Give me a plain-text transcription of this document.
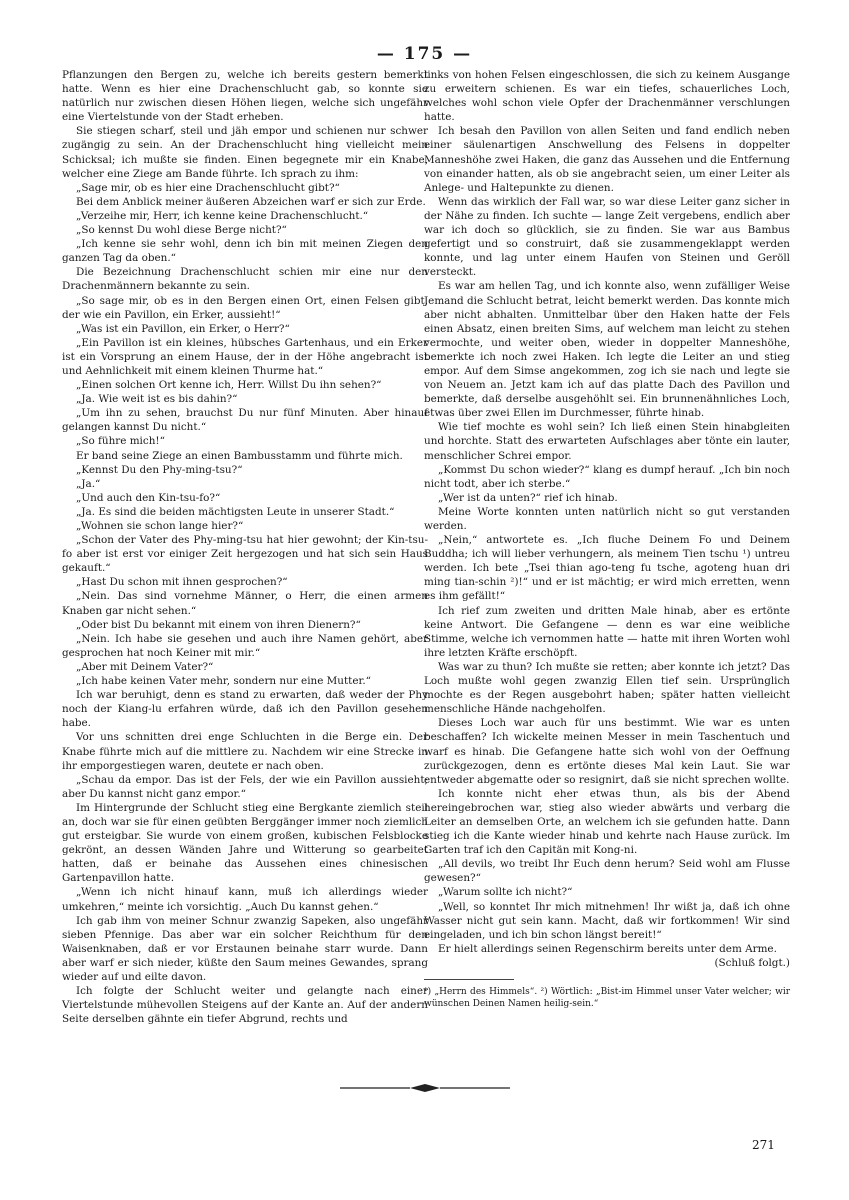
— 175 —

Pflanzungen den Bergen zu, welche ich bereits gestern bemerkt hatte. Wenn es hier eine Drachenschlucht gab, so konnte sie natürlich nur zwischen diesen Höhen liegen, welche sich ungefähr eine Viertelstunde von der Stadt erheben.

Sie stiegen scharf, steil und jäh empor und schienen nur schwer zugängig zu sein. An der Drachenschlucht hing vielleicht mein Schicksal; ich mußte sie finden. Einen begegnete mir ein Knabe, welcher eine Ziege am Bande führte. Ich sprach zu ihm:

„Sage mir, ob es hier eine Drachenschlucht gibt?“

Bei dem Anblick meiner äußeren Abzeichen warf er sich zur Erde.

„Verzeihe mir, Herr, ich kenne keine Drachenschlucht.“

„So kennst Du wohl diese Berge nicht?“

„Ich kenne sie sehr wohl, denn ich bin mit meinen Ziegen den ganzen Tag da oben.“

Die Bezeichnung Drachenschlucht schien mir eine nur den Drachenmännern bekannte zu sein.

„So sage mir, ob es in den Bergen einen Ort, einen Felsen gibt, der wie ein Pavillon, ein Erker, aussieht!“

„Was ist ein Pavillon, ein Erker, o Herr?“

„Ein Pavillon ist ein kleines, hübsches Gartenhaus, und ein Erker ist ein Vorsprung an einem Hause, der in der Höhe angebracht ist und Aehnlichkeit mit einem kleinen Thurme hat.“

„Einen solchen Ort kenne ich, Herr. Willst Du ihn sehen?“

„Ja. Wie weit ist es bis dahin?“

„Um ihn zu sehen, brauchst Du nur fünf Minuten. Aber hinauf gelangen kannst Du nicht.“

„So führe mich!“

Er band seine Ziege an einen Bambusstamm und führte mich.

„Kennst Du den Phy-ming-tsu?“

„Ja.“

„Und auch den Kin-tsu-fo?“

„Ja. Es sind die beiden mächtigsten Leute in unserer Stadt.“

„Wohnen sie schon lange hier?“

„Schon der Vater des Phy-ming-tsu hat hier gewohnt; der Kin-tsu-fo aber ist erst vor einiger Zeit hergezogen und hat sich sein Haus gekauft.“

„Hast Du schon mit ihnen gesprochen?“

„Nein. Das sind vornehme Männer, o Herr, die einen armen Knaben gar nicht sehen.“

„Oder bist Du bekannt mit einem von ihren Dienern?“

„Nein. Ich habe sie gesehen und auch ihre Namen gehört, aber gesprochen hat noch Keiner mit mir.“

„Aber mit Deinem Vater?“

„Ich habe keinen Vater mehr, sondern nur eine Mutter.“

Ich war beruhigt, denn es stand zu erwarten, daß weder der Phy noch der Kiang-lu erfahren würde, daß ich den Pavillon gesehen habe.

Vor uns schnitten drei enge Schluchten in die Berge ein. Der Knabe führte mich auf die mittlere zu. Nachdem wir eine Strecke in ihr emporgestiegen waren, deutete er nach oben.

„Schau da empor. Das ist der Fels, der wie ein Pavillon aussieht; aber Du kannst nicht ganz empor.“

Im Hintergrunde der Schlucht stieg eine Bergkante ziemlich steil an, doch war sie für einen geübten Berggänger immer noch ziemlich gut ersteigbar. Sie wurde von einem großen, kubischen Felsblocke gekrönt, an dessen Wänden Jahre und Witterung so gearbeitet hatten, daß er beinahe das Aussehen eines chinesischen Gartenpavillon hatte.

„Wenn ich nicht hinauf kann, muß ich allerdings wieder umkehren,“ meinte ich vorsichtig. „Auch Du kannst gehen.“

Ich gab ihm von meiner Schnur zwanzig Sapeken, also ungefähr sieben Pfennige. Das aber war ein solcher Reichthum für den Waisenknaben, daß er vor Erstaunen beinahe starr wurde. Dann aber warf er sich nieder, küßte den Saum meines Gewandes, sprang wieder auf und eilte davon.

Ich folgte der Schlucht weiter und gelangte nach einer Viertelstunde mühevollen Steigens auf der Kante an. Auf der andern Seite derselben gähnte ein tiefer Abgrund, rechts und

links von hohen Felsen eingeschlossen, die sich zu keinem Ausgange zu erweitern schienen. Es war ein tiefes, schauerliches Loch, welches wohl schon viele Opfer der Drachenmänner verschlungen hatte.

Ich besah den Pavillon von allen Seiten und fand endlich neben einer säulenartigen Anschwellung des Felsens in doppelter Manneshöhe zwei Haken, die ganz das Aussehen und die Entfernung von einander hatten, als ob sie angebracht seien, um einer Leiter als Anlege- und Haltepunkte zu dienen.

Wenn das wirklich der Fall war, so war diese Leiter ganz sicher in der Nähe zu finden. Ich suchte — lange Zeit vergebens, endlich aber war ich doch so glücklich, sie zu finden. Sie war aus Bambus gefertigt und so construirt, daß sie zusammengeklappt werden konnte, und lag unter einem Haufen von Steinen und Geröll versteckt.

Es war am hellen Tag, und ich konnte also, wenn zufälliger Weise Jemand die Schlucht betrat, leicht bemerkt werden. Das konnte mich aber nicht abhalten. Unmittelbar über den Haken hatte der Fels einen Absatz, einen breiten Sims, auf welchem man leicht zu stehen vermochte, und weiter oben, wieder in doppelter Manneshöhe, bemerkte ich noch zwei Haken. Ich legte die Leiter an und stieg empor. Auf dem Simse angekommen, zog ich sie nach und legte sie von Neuem an. Jetzt kam ich auf das platte Dach des Pavillon und bemerkte, daß derselbe ausgehöhlt sei. Ein brunnenähnliches Loch, etwas über zwei Ellen im Durchmesser, führte hinab.

Wie tief mochte es wohl sein? Ich ließ einen Stein hinabgleiten und horchte. Statt des erwarteten Aufschlages aber tönte ein lauter, menschlicher Schrei empor.

„Kommst Du schon wieder?“ klang es dumpf herauf. „Ich bin noch nicht todt, aber ich sterbe.“

„Wer ist da unten?“ rief ich hinab.

Meine Worte konnten unten natürlich nicht so gut verstanden werden.

„Nein,“ antwortete es. „Ich fluche Deinem Fo und Deinem Buddha; ich will lieber verhungern, als meinem Tien tschu ¹) untreu werden. Ich bete „Tsei thian ago-teng fu tsche, agoteng huan dri ming tian-schin ²)!“ und er ist mächtig; er wird mich erretten, wenn es ihm gefällt!“

Ich rief zum zweiten und dritten Male hinab, aber es ertönte keine Antwort. Die Gefangene — denn es war eine weibliche Stimme, welche ich vernommen hatte — hatte mit ihren Worten wohl ihre letzten Kräfte erschöpft.

Was war zu thun? Ich mußte sie retten; aber konnte ich jetzt? Das Loch mußte wohl gegen zwanzig Ellen tief sein. Ursprünglich mochte es der Regen ausgebohrt haben; später hatten vielleicht menschliche Hände nachgeholfen.

Dieses Loch war auch für uns bestimmt. Wie war es unten beschaffen? Ich wickelte meinen Messer in mein Taschentuch und warf es hinab. Die Gefangene hatte sich wohl von der Oeffnung zurückgezogen, denn es ertönte dieses Mal kein Laut. Sie war entweder abgematte oder so resignirt, daß sie nicht sprechen wollte.

Ich konnte nicht eher etwas thun, als bis der Abend hereingebrochen war, stieg also wieder abwärts und verbarg die Leiter an demselben Orte, an welchem ich sie gefunden hatte. Dann stieg ich die Kante wieder hinab und kehrte nach Hause zurück. Im Garten traf ich den Capitän mit Kong-ni.

„All devils, wo treibt Ihr Euch denn herum? Seid wohl am Flusse gewesen?“

„Warum sollte ich nicht?“

„Well, so konntet Ihr mich mitnehmen! Ihr wißt ja, daß ich ohne Wasser nicht gut sein kann. Macht, daß wir fortkommen! Wir sind eingeladen, und ich bin schon längst bereit!“

Er hielt allerdings seinen Regenschirm bereits unter dem Arme.

(Schluß folgt.)

¹) „Herrn des Himmels“. ²) Wörtlich: „Bist-im Himmel unser Vater welcher; wir wünschen Deinen Namen heilig-sein.“

271
